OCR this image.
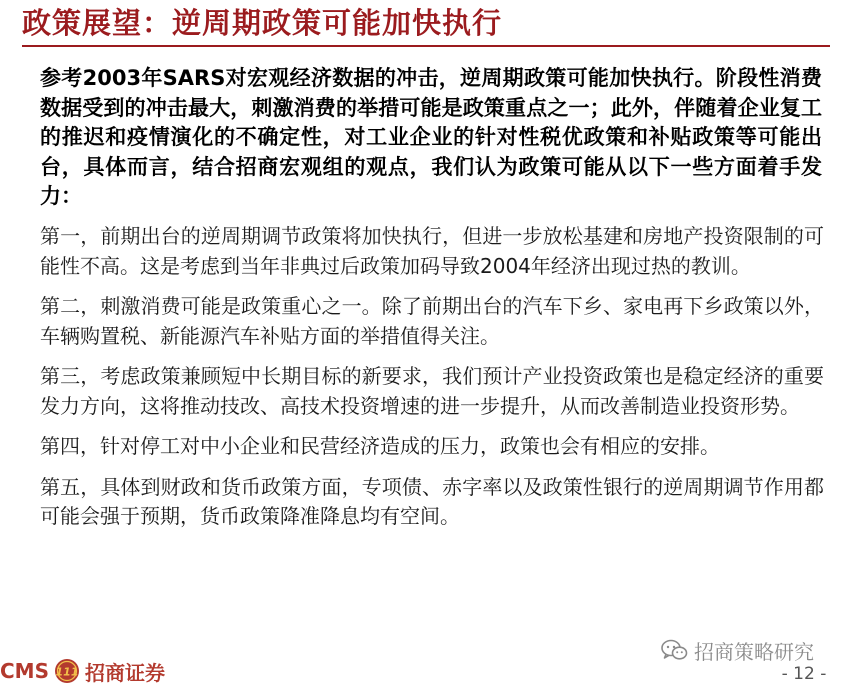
政策展望：逆周期政策可能加快执行

参考2003年SARS对宏观经济数据的冲击，逆周期政策可能加快执行。阶段性消费数据受到的冲击最大，刺激消费的举措可能是政策重点之一；此外，伴随着企业复工的推迟和疫情演化的不确定性，对工业企业的针对性税优政策和补贴政策等可能出台，具体而言，结合招商宏观组的观点，我们认为政策可能从以下一些方面着手发力：

第一，前期出台的逆周期调节政策将加快执行，但进一步放松基建和房地产投资限制的可能性不高。这是考虑到当年非典过后政策加码导致2004年经济出现过热的教训。

第二，刺激消费可能是政策重心之一。除了前期出台的汽车下乡、家电再下乡政策以外，车辆购置税、新能源汽车补贴方面的举措值得关注。

第三，考虑政策兼顾短中长期目标的新要求，我们预计产业投资政策也是稳定经济的重要发力方向，这将推动技改、高技术投资增速的进一步提升，从而改善制造业投资形势。

第四，针对停工对中小企业和民营经济造成的压力，政策也会有相应的安排。

第五，具体到财政和货币政策方面，专项债、赤字率以及政策性银行的逆周期调节作用都可能会强于预期，货币政策降准降息均有空间。

招商策略研究
CMS 111 招商证券	- 12 -
